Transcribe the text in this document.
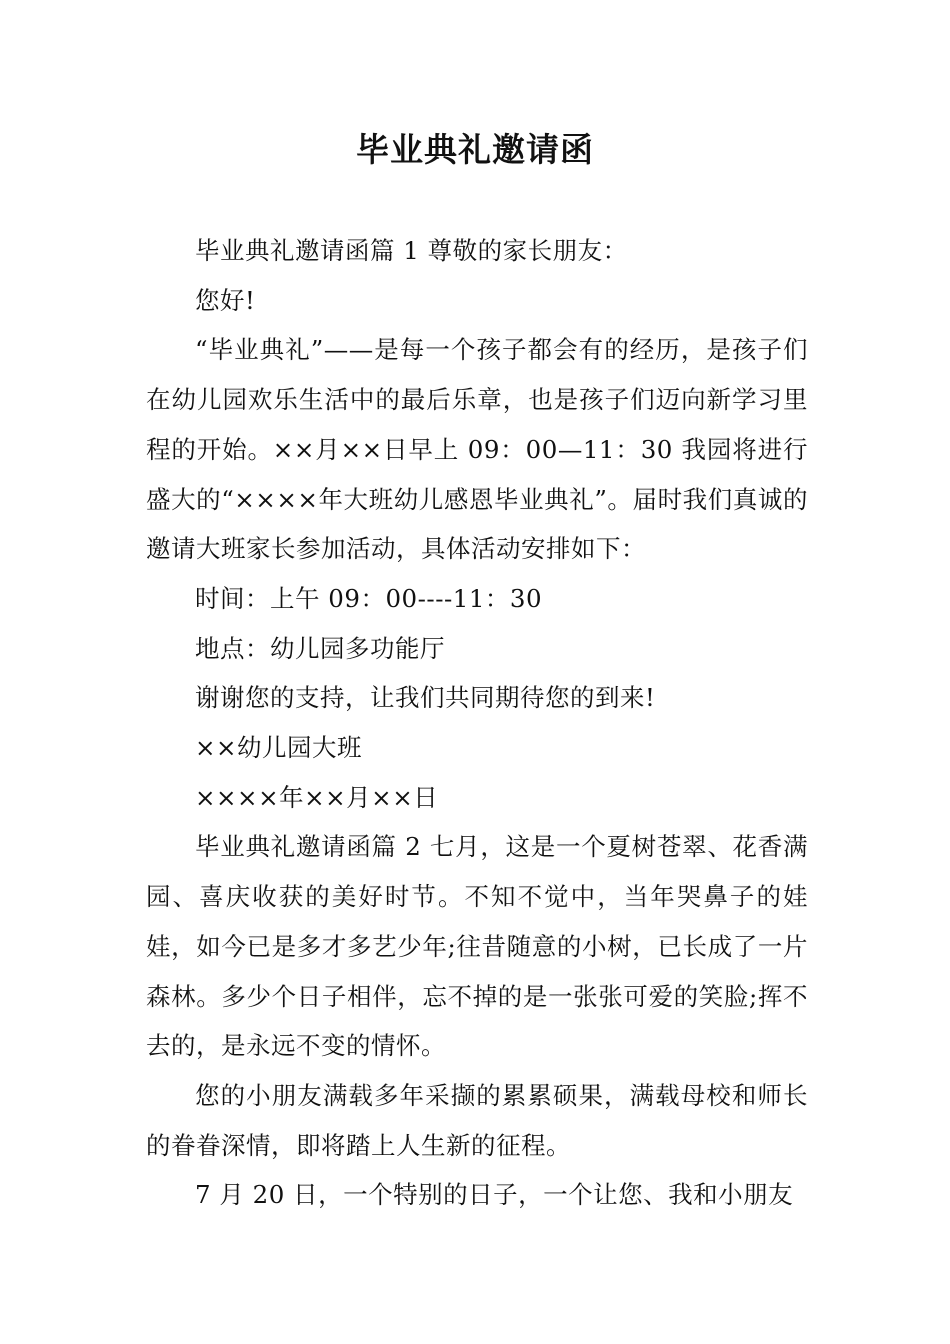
毕业典礼邀请函

毕业典礼邀请函篇 1 尊敬的家长朋友：

您好!

“毕业典礼”——是每一个孩子都会有的经历，是孩子们在幼儿园欢乐生活中的最后乐章，也是孩子们迈向新学习里程的开始。××月××日早上 09：00—11：30 我园将进行盛大的“××××年大班幼儿感恩毕业典礼”。届时我们真诚的邀请大班家长参加活动，具体活动安排如下：

时间：上午 09：00----11：30

地点：幼儿园多功能厅

谢谢您的支持，让我们共同期待您的到来!

××幼儿园大班

××××年××月××日

毕业典礼邀请函篇 2 七月，这是一个夏树苍翠、花香满园、喜庆收获的美好时节。不知不觉中，当年哭鼻子的娃娃，如今已是多才多艺少年;往昔随意的小树，已长成了一片森林。多少个日子相伴，忘不掉的是一张张可爱的笑脸;挥不去的，是永远不变的情怀。

您的小朋友满载多年采撷的累累硕果，满载母校和师长的眷眷深情，即将踏上人生新的征程。

7 月 20 日，一个特别的日子，一个让您、我和小朋友
